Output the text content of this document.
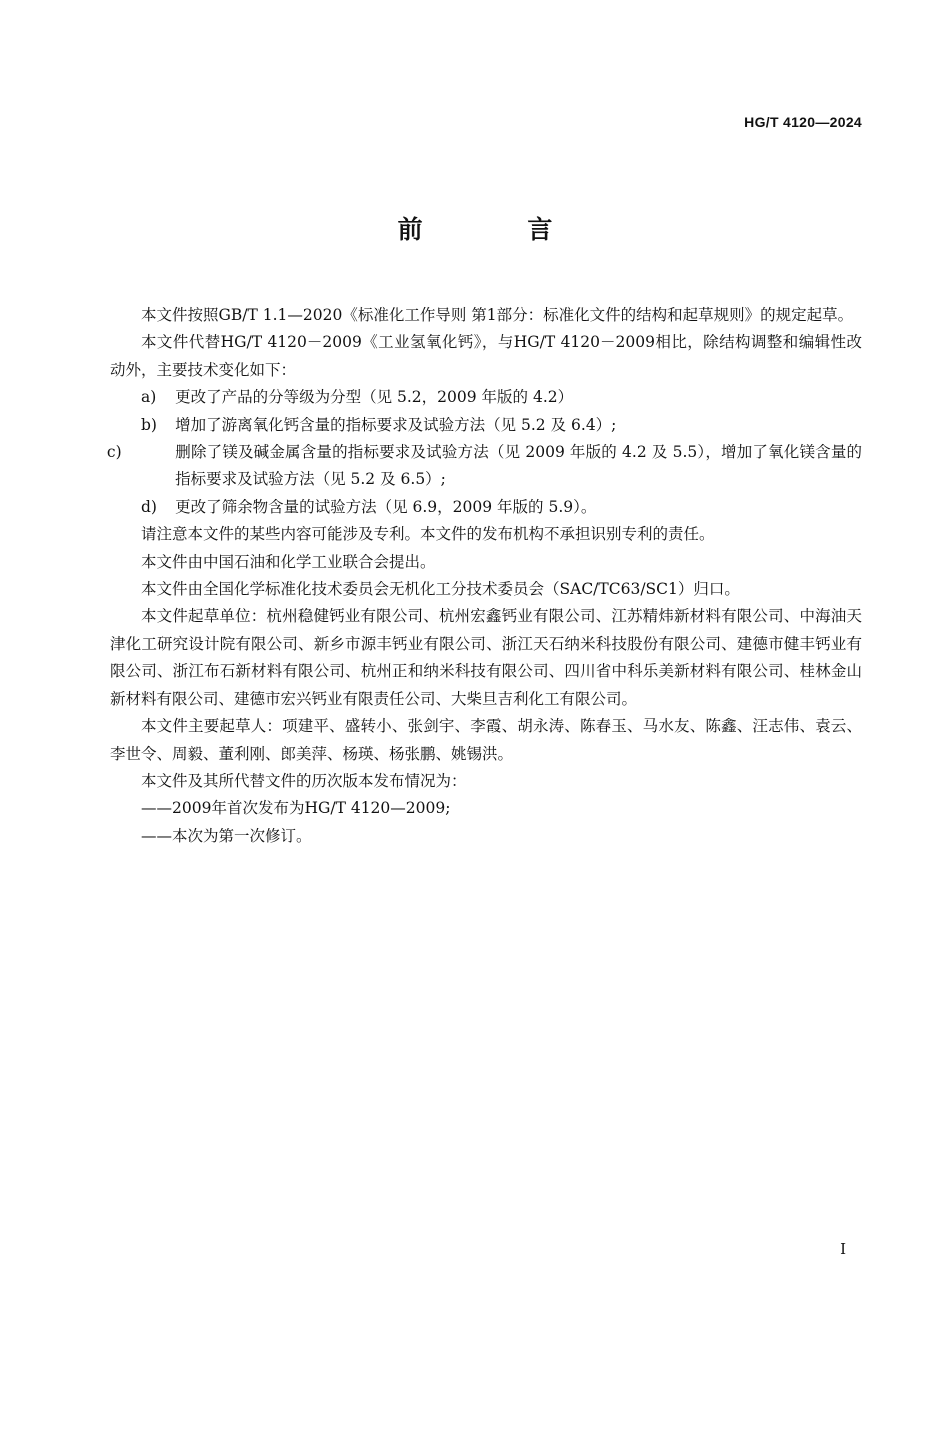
HG/T 4120—2024
前 言

本文件按照GB/T 1.1—2020《标准化工作导则 第1部分：标准化文件的结构和起草规则》的规定起草。

本文件代替HG/T 4120－2009《工业氢氧化钙》，与HG/T 4120－2009相比，除结构调整和编辑性改动外，主要技术变化如下：

a) 更改了产品的分等级为分型（见 5.2，2009 年版的 4.2）

b) 增加了游离氧化钙含量的指标要求及试验方法（见 5.2 及 6.4）;

c)	删除了镁及碱金属含量的指标要求及试验方法（见 2009 年版的 4.2 及 5.5），增加了氧化镁含量的指标要求及试验方法（见 5.2 及 6.5）;

d) 更改了筛余物含量的试验方法（见 6.9，2009 年版的 5.9）。

请注意本文件的某些内容可能涉及专利。本文件的发布机构不承担识别专利的责任。

本文件由中国石油和化学工业联合会提出。

本文件由全国化学标准化技术委员会无机化工分技术委员会（SAC/TC63/SC1）归口。

本文件起草单位：杭州稳健钙业有限公司、杭州宏鑫钙业有限公司、江苏精炜新材料有限公司、中海油天津化工研究设计院有限公司、新乡市源丰钙业有限公司、浙江天石纳米科技股份有限公司、建德市健丰钙业有限公司、浙江布石新材料有限公司、杭州正和纳米科技有限公司、四川省中科乐美新材料有限公司、桂林金山新材料有限公司、建德市宏兴钙业有限责任公司、大柴旦吉利化工有限公司。

本文件主要起草人：项建平、盛转小、张剑宇、李霞、胡永涛、陈春玉、马水友、陈鑫、汪志伟、袁云、李世令、周毅、董利刚、郎美萍、杨瑛、杨张鹏、姚锡洪。

本文件及其所代替文件的历次版本发布情况为：

——2009年首次发布为HG/T 4120—2009;

——本次为第一次修订。

I
